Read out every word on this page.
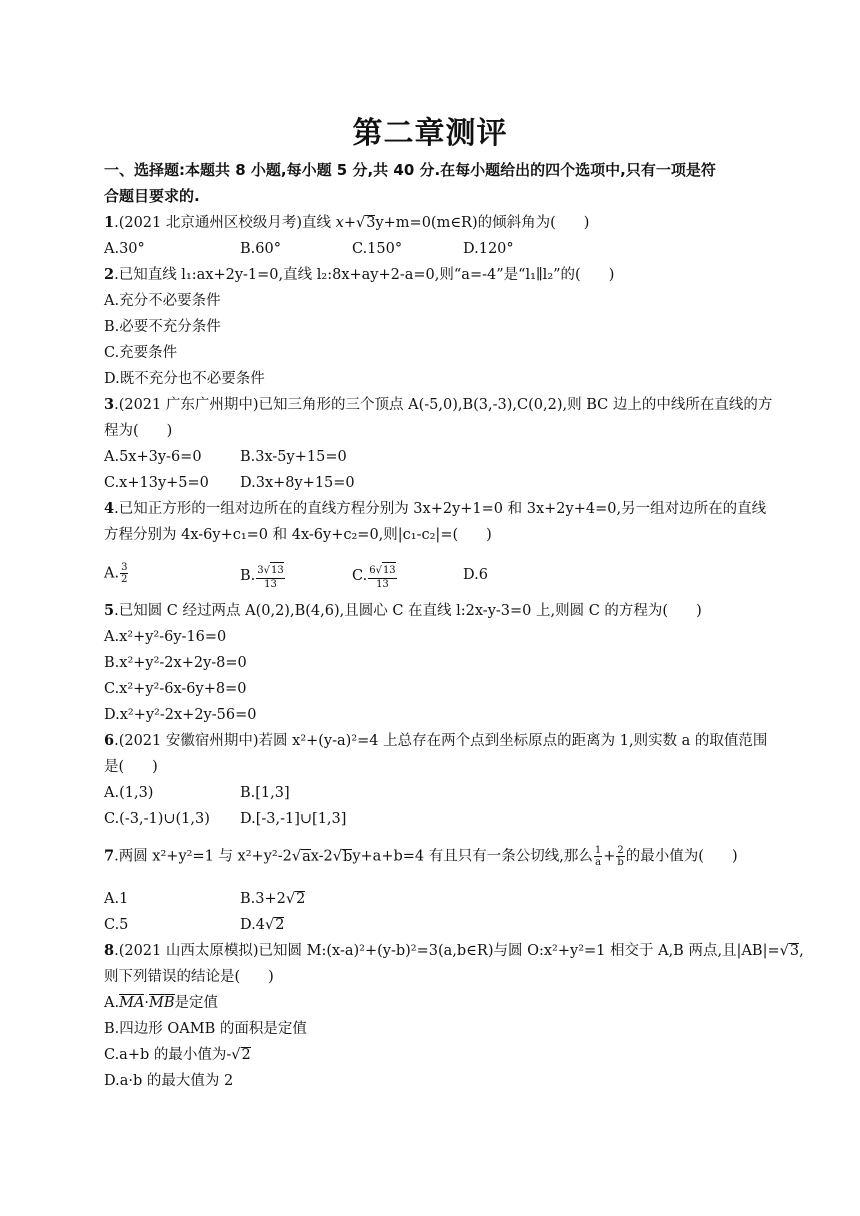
第二章测评
一、选择题:本题共 8 小题,每小题 5 分,共 40 分.在每小题给出的四个选项中,只有一项是符
合题目要求的.
1.(2021 北京通州区校级月考)直线 x+√3y+m=0(m∈R)的倾斜角为( )
A.30°	B.60°	C.150°	D.120°
2.已知直线 l₁:ax+2y-1=0,直线 l₂:8x+ay+2-a=0,则“a=-4”是“l₁∥l₂”的( )
A.充分不必要条件
B.必要不充分条件
C.充要条件
D.既不充分也不必要条件
3.(2021 广东广州期中)已知三角形的三个顶点 A(-5,0),B(3,-3),C(0,2),则 BC 边上的中线所在直线的方
程为( )
A.5x+3y-6=0	B.3x-5y+15=0
C.x+13y+5=0 D.3x+8y+15=0
4.已知正方形的一组对边所在的直线方程分别为 3x+2y+1=0 和 3x+2y+4=0,另一组对边所在的直线
方程分别为 4x-6y+c₁=0 和 4x-6y+c₂=0,则|c₁-c₂|=( )
A. $\frac{3}{2}$	B. $\frac{3√13}{13}$	C. $\frac{6√13}{13}$	D.6
5.已知圆 C 经过两点 A(0,2),B(4,6),且圆心 C 在直线 l:2x-y-3=0 上,则圆 C 的方程为( )
A.x²+y²-6y-16=0
B.x²+y²-2x+2y-8=0
C.x²+y²-6x-6y+8=0
D.x²+y²-2x+2y-56=0
6.(2021 安徽宿州期中)若圆 x²+(y-a)²=4 上总存在两个点到坐标原点的距离为 1,则实数 a 的取值范围
是( )
A.(1,3)	B.[1,3]
C.(-3,-1)∪(1,3) D.[-3,-1]∪[1,3]
7.两圆 x²+y²=1 与 x²+y²-2√ax-2√by+a+b=4 有且只有一条公切线,那么 $\frac{1}{a} + \frac{2}{b}$ 的最小值为( )
A.1	B.3+2√2
C.5	D.4√2
8.(2021 山西太原模拟)已知圆 M:(x-a)²+(y-b)²=3(a,b∈R)与圆 O:x²+y²=1 相交于 A,B 两点,且|AB|=√3,
则下列错误的结论是( )
A.MA·MB是定值
B.四边形 OAMB 的面积是定值
C.a+b 的最小值为-√2
D.a·b 的最大值为 2
